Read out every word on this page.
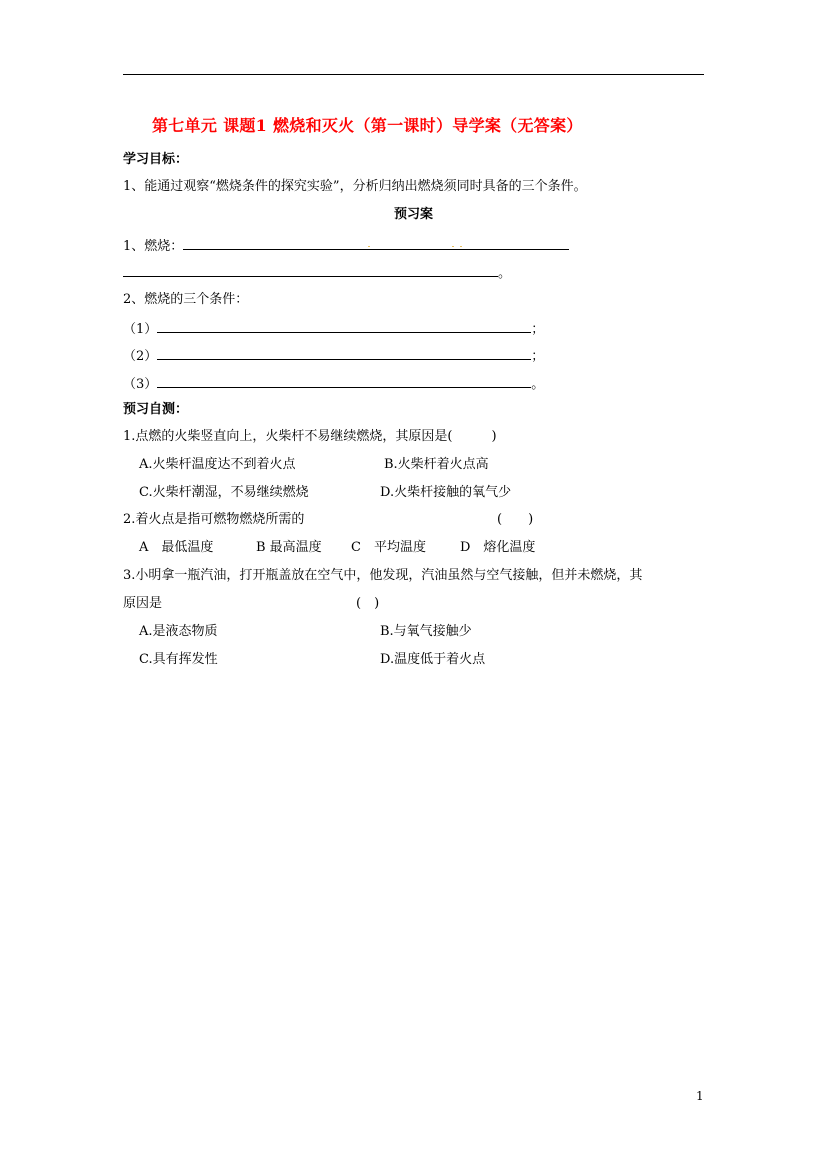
第七单元 课题1 燃烧和灭火（第一课时）导学案（无答案）
学习目标：
1、能通过观察“燃烧条件的探究实验”，分析归纳出燃烧须同时具备的三个条件。
预习案
1、燃烧：
。
2、燃烧的三个条件：
（1）	；
（2）	；
（3）	。
预习自测：
1.点燃的火柴竖直向上，火柴杆不易继续燃烧，其原因是(　　　)
A.火柴杆温度达不到着火点	B.火柴杆着火点高
C.火柴杆潮湿，不易继续燃烧	D.火柴杆接触的氧气少
2.着火点是指可燃物燃烧所需的	(　　)
A　最低温度	B 最高温度 C　平均温度	D　熔化温度
3.小明拿一瓶汽油，打开瓶盖放在空气中，他发现，汽油虽然与空气接触，但并未燃烧，其
原因是	(　)
A.是液态物质	B.与氧气接触少
C.具有挥发性	D.温度低于着火点
1
